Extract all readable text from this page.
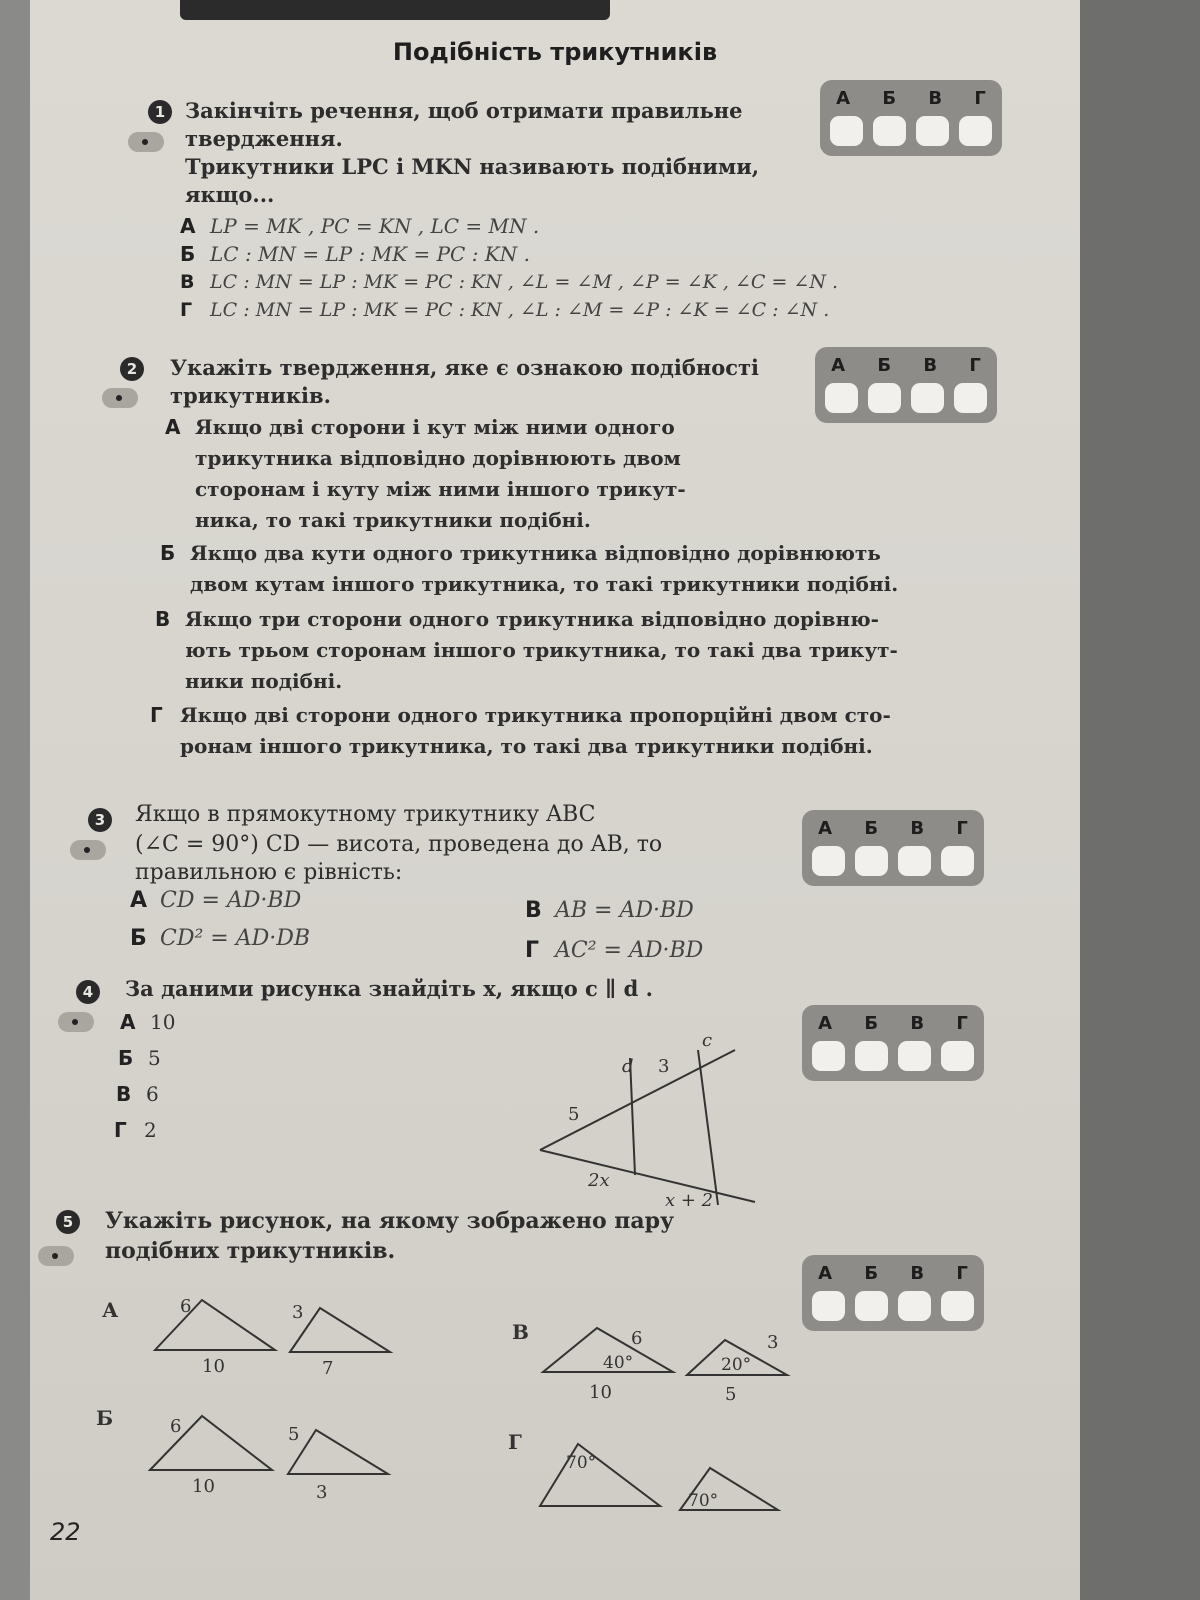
Подібність трикутників
1 Закінчіть речення, щоб отримати правильне
твердження.
Трикутники LPC і MKN називають подібними,
якщо...
А LP = MK , PC = KN , LC = MN .
Б LC : MN = LP : MK = PC : KN .
В LC : MN = LP : MK = PC : KN , ∠L = ∠M , ∠P = ∠K , ∠C = ∠N .
Г LC : MN = LP : MK = PC : KN , ∠L : ∠M = ∠P : ∠K = ∠C : ∠N .
А Б В Г
2	Укажіть твердження, яке є ознакою подібності
трикутників.
А Якщо дві сторони і кут між ними одного
трикутника відповідно дорівнюють двом
сторонам і куту між ними іншого трикут-
ника, то такі трикутники подібні.
Б Якщо два кути одного трикутника відповідно дорівнюють
двом кутам іншого трикутника, то такі трикутники подібні.
В Якщо три сторони одного трикутника відповідно дорівню-
ють трьом сторонам іншого трикутника, то такі два трикут-
ники подібні.
Г Якщо дві сторони одного трикутника пропорційні двом сто-
ронам іншого трикутника, то такі два трикутники подібні.
А Б В Г
3	Якщо в прямокутному трикутнику ABC
(∠C = 90°) CD — висота, проведена до AB, то
правильною є рівність:
А CD = AD·BD
Б CD² = AD·DB
В AB = AD·BD
Г AC² = AD·BD
А Б В Г
4	За даними рисунка знайдіть x, якщо c ∥ d .
А 10
Б 5
В 6
Г 2
d 3
c
5
2x
x + 2
А Б В Г
5	Укажіть рисунок, на якому зображено пару
подібних трикутників.
А	6
10
3
7
Б	6
10
5
3
В	6
40°
10
3
20°
5
Г
70°
70°
А Б В Г
22
